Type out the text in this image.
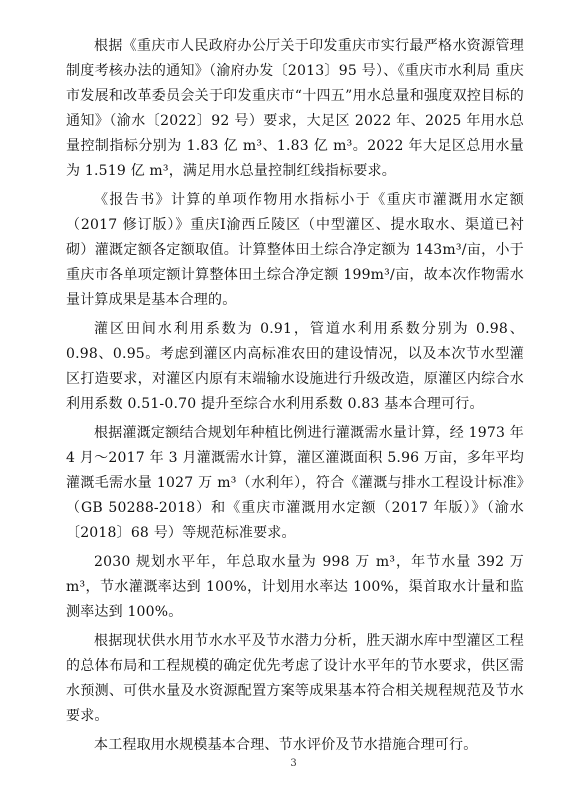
根据《重庆市人民政府办公厅关于印发重庆市实行最严格水资源管理制度考核办法的通知》（渝府办发〔2013〕95 号）、《重庆市水利局 重庆市发展和改革委员会关于印发重庆市“十四五”用水总量和强度双控目标的通知》（渝水〔2022〕92 号）要求，大足区 2022 年、2025 年用水总量控制指标分别为 1.83 亿 m³、1.83 亿 m³。2022 年大足区总用水量为 1.519 亿 m³，满足用水总量控制红线指标要求。

《报告书》计算的单项作物用水指标小于《重庆市灌溉用水定额（2017 修订版）》重庆Ⅰ渝西丘陵区（中型灌区、提水取水、渠道已衬砌）灌溉定额各定额取值。计算整体田土综合净定额为 143m³/亩，小于重庆市各单项定额计算整体田土综合净定额 199m³/亩，故本次作物需水量计算成果是基本合理的。

灌区田间水利用系数为 0.91，管道水利用系数分别为 0.98、0.98、0.95。考虑到灌区内高标准农田的建设情况，以及本次节水型灌区打造要求，对灌区内原有末端输水设施进行升级改造，原灌区内综合水利用系数 0.51-0.70 提升至综合水利用系数 0.83 基本合理可行。

根据灌溉定额结合规划年种植比例进行灌溉需水量计算，经 1973 年 4 月～2017 年 3 月灌溉需水计算，灌区灌溉面积 5.96 万亩，多年平均灌溉毛需水量 1027 万 m³（水利年），符合《灌溉与排水工程设计标准》（GB 50288-2018）和《重庆市灌溉用水定额（2017 年版）》（渝水〔2018〕68 号）等规范标准要求。

2030 规划水平年，年总取水量为 998 万 m³，年节水量 392 万 m³，节水灌溉率达到 100%，计划用水率达 100%，渠首取水计量和监测率达到 100%。

根据现状供水用节水水平及节水潜力分析，胜天湖水库中型灌区工程的总体布局和工程规模的确定优先考虑了设计水平年的节水要求，供区需水预测、可供水量及水资源配置方案等成果基本符合相关规程规范及节水要求。

本工程取用水规模基本合理、节水评价及节水措施合理可行。

3
